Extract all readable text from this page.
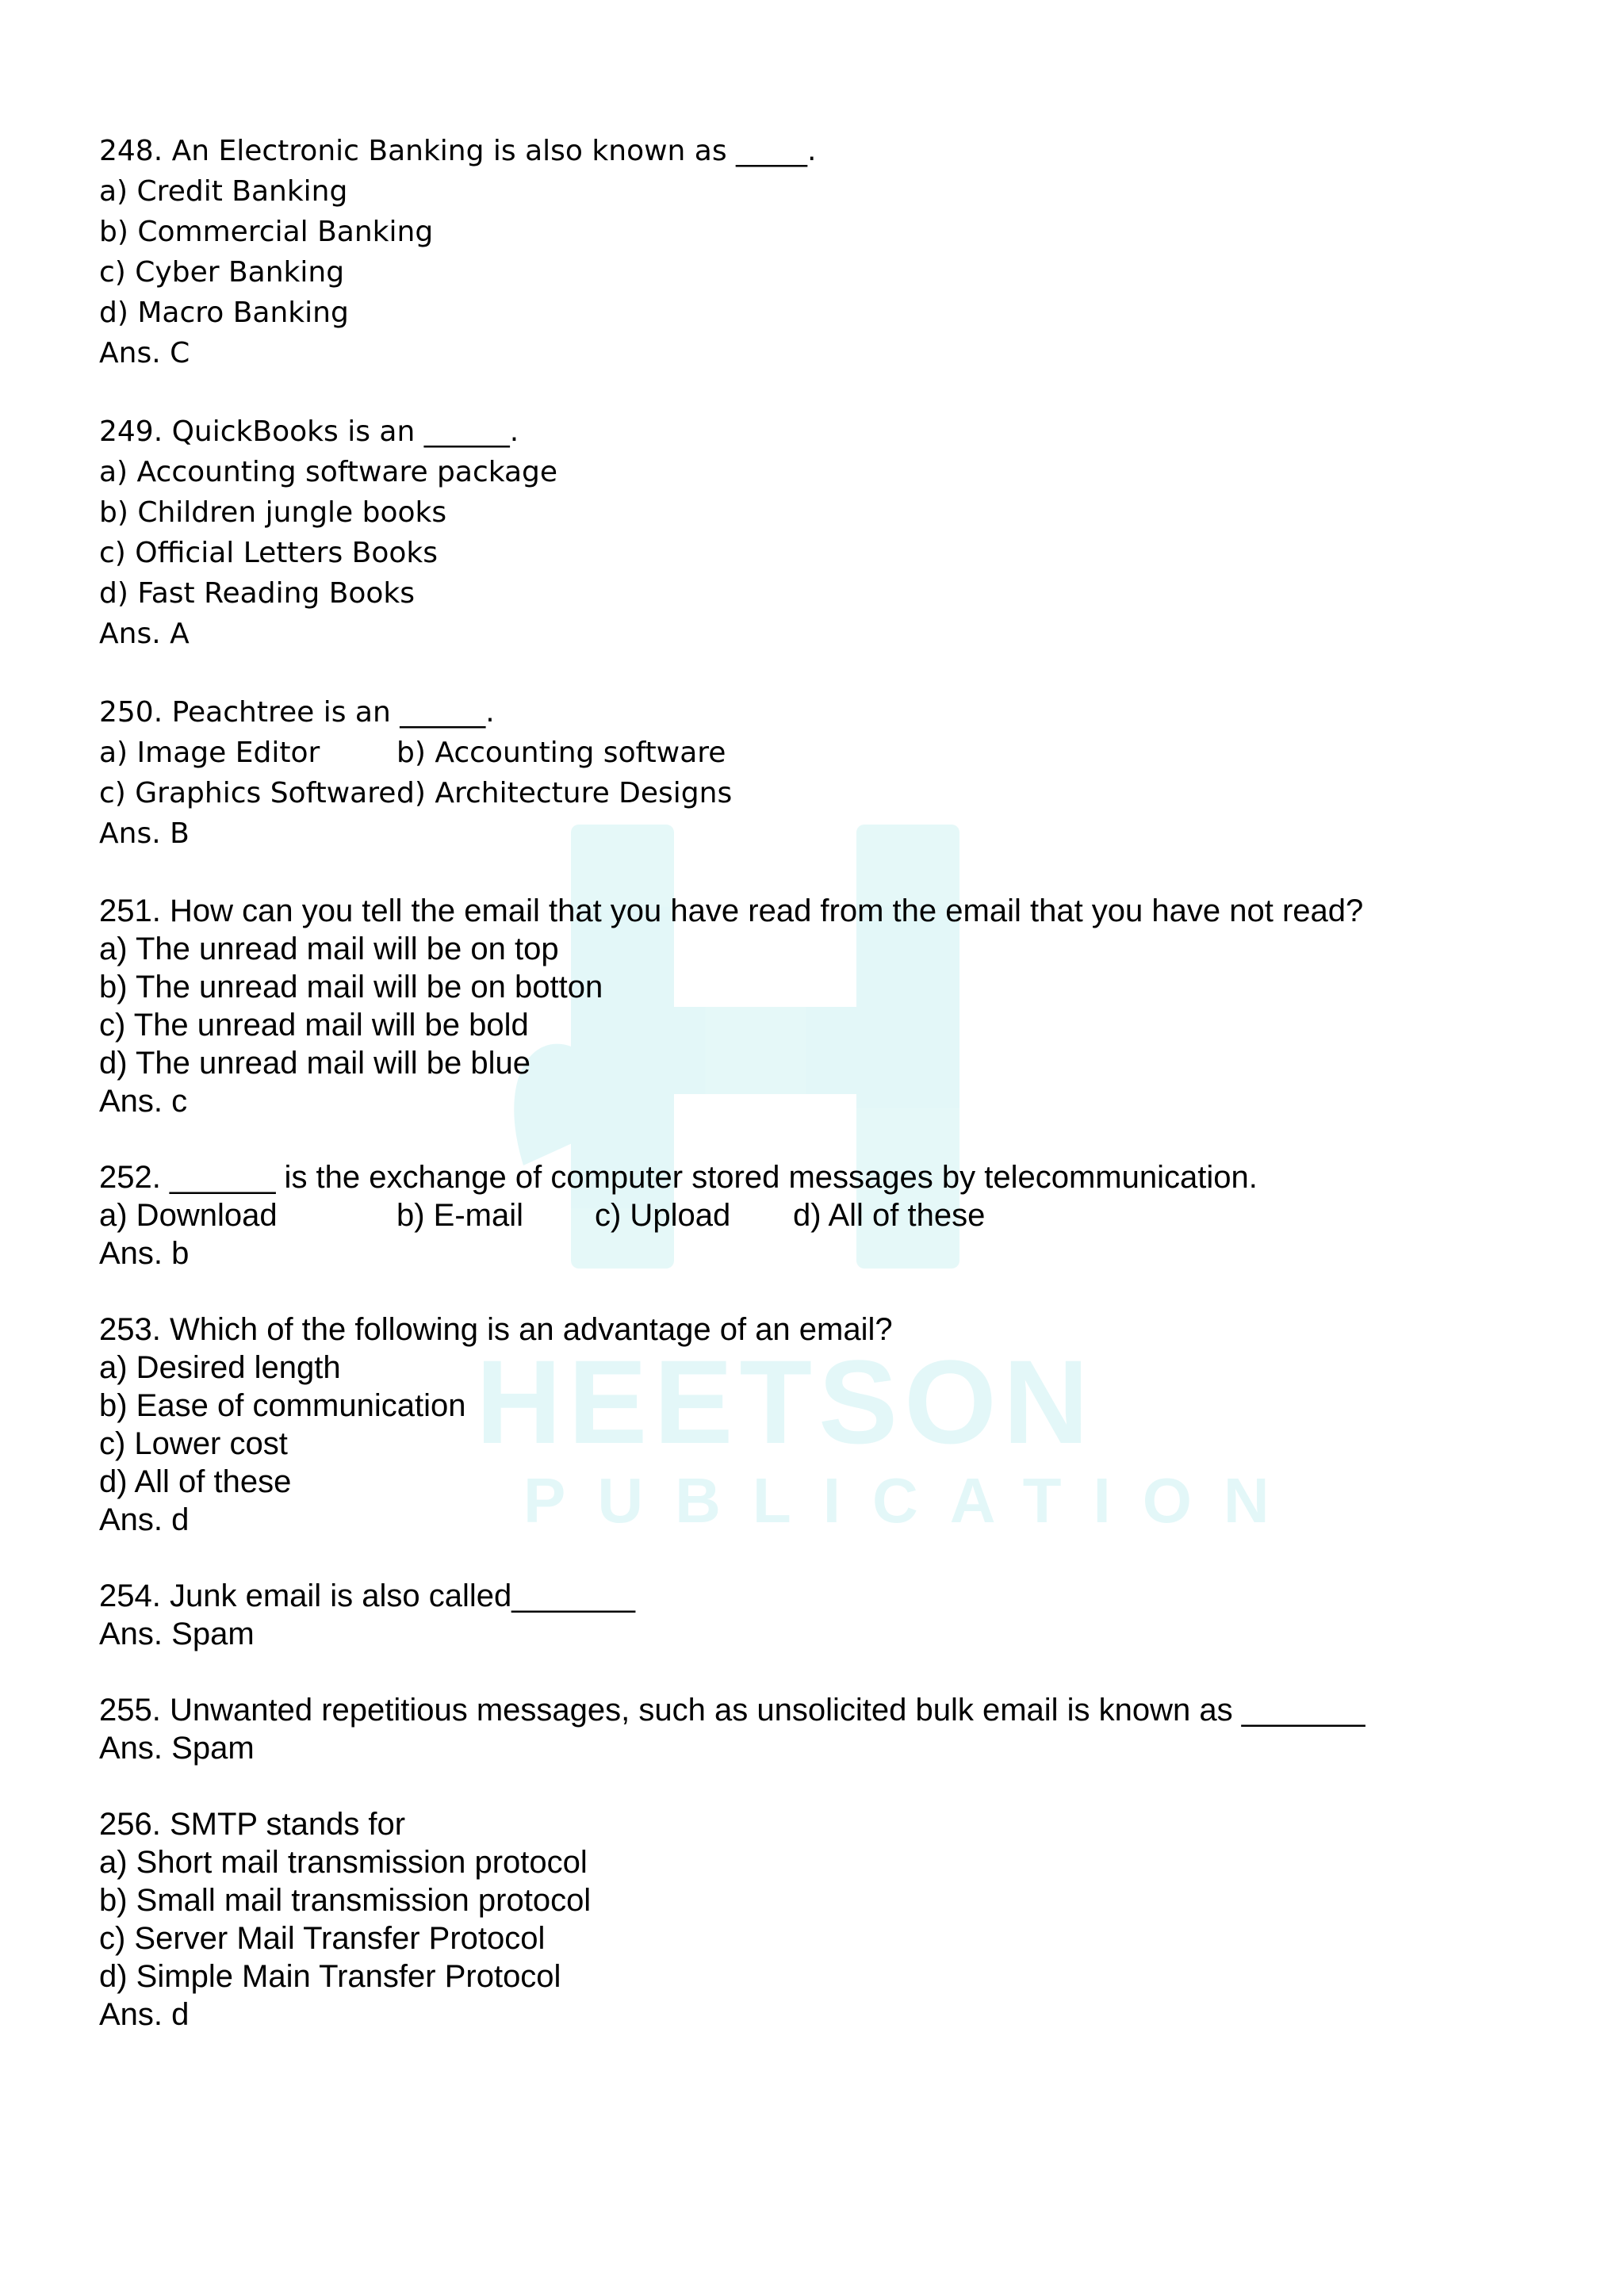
HEETSON
PUBLICATION
248. An Electronic Banking is also known as _____.
a) Credit Banking
b) Commercial Banking
c) Cyber Banking
d) Macro Banking
Ans. C
249. QuickBooks is an ______.
a) Accounting software package
b) Children jungle books
c) Official Letters Books
d) Fast Reading Books
Ans. A
250. Peachtree is an ______.
a) Image Editor	b) Accounting software
c) Graphics Software d) Architecture Designs
Ans. B
251. How can you tell the email that you have read from the email that you have not read?
a) The unread mail will be on top
b) The unread mail will be on botton
c) The unread mail will be bold
d) The unread mail will be blue
Ans. c
252. ______ is the exchange of computer stored messages by telecommunication.
a) Download	b) E-mail	c) Upload	d) All of these
Ans. b
253. Which of the following is an advantage of an email?
a) Desired length
b) Ease of communication
c) Lower cost
d) All of these
Ans. d
254. Junk email is also called_______
Ans. Spam
255. Unwanted repetitious messages, such as unsolicited bulk email is known as _______
Ans. Spam
256. SMTP stands for
a) Short mail transmission protocol
b) Small mail transmission protocol
c) Server Mail Transfer Protocol
d) Simple Main Transfer Protocol
Ans. d
